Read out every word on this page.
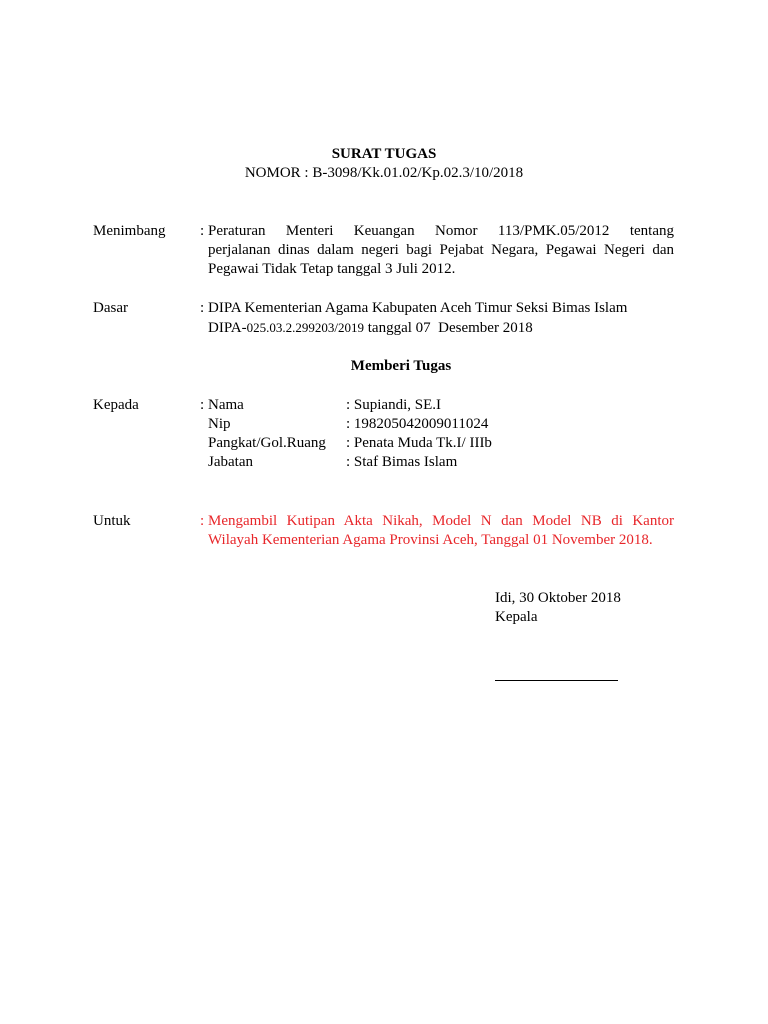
SURAT TUGAS
NOMOR : B-3098/Kk.01.02/Kp.02.3/10/2018
Menimbang : Peraturan Menteri Keuangan Nomor 113/PMK.05/2012 tentang
perjalanan dinas dalam negeri bagi Pejabat Negara, Pegawai Negeri dan
Pegawai Tidak Tetap tanggal 3 Juli 2012.
Dasar	: DIPA Kementerian Agama Kabupaten Aceh Timur Seksi Bimas Islam
DIPA-025.03.2.299203/2019 tanggal 07  Desember 2018
Memberi Tugas
Kepada	: Nama	: Supiandi, SE.I
Nip	: 198205042009011024
Pangkat/Gol.Ruang : Penata Muda Tk.I/ IIIb
Jabatan	: Staf Bimas Islam
Untuk	: Mengambil Kutipan Akta Nikah, Model N dan Model NB di Kantor
Wilayah Kementerian Agama Provinsi Aceh, Tanggal 01 November 2018.
Idi, 30 Oktober 2018
Kepala
